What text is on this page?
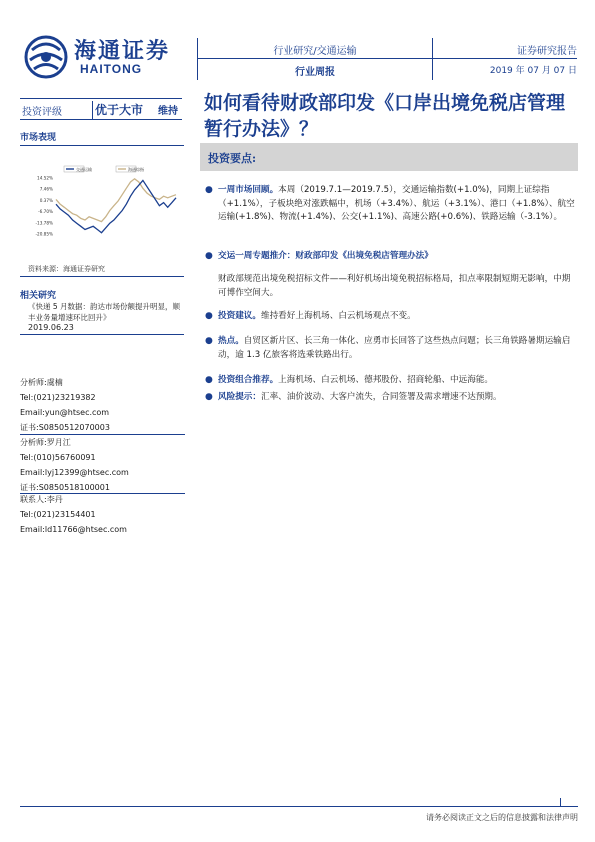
海通证券
HAITONG
行业研究/交通运输
行业周报
证券研究报告
2019 年 07 月 07 日
投资评级	优于大市 维持 如何看待财政部印发《口岸出境免税店管理暂行办法》？
市场表现
交通运输	海通综指
14.52%
7.46%
0.37%
-6.70%
-13.78%
-20.85%
资料来源：海通证券研究
相关研究
《快递 5 月数据：韵达市场份额提升明显，顺丰业务量增速环比回升》
2019.06.23
分析师:虞楠
Tel:(021)23219382
Email:yun@htsec.com
证书:S0850512070003
分析师:罗月江
Tel:(010)56760091
Email:lyj12399@htsec.com
证书:S0850518100001
联系人:李丹
Tel:(021)23154401
Email:ld11766@htsec.com
投资要点:
● 一周市场回顾。本周（2019.7.1—2019.7.5），交通运输指数(+1.0%)，同期上证综指（+1.1%），子板块绝对涨跌幅中，机场（+3.4%）、航运（+3.1%）、港口（+1.8%）、航空运输(+1.8%)、物流(+1.4%)、公交(+1.1%)、高速公路(+0.6%)、铁路运输（-3.1%）。
● 交运一周专题推介：财政部印发《出境免税店管理办法》
财政部规范出境免税招标文件——利好机场出境免税招标格局，扣点率限制短期无影响，中期可博作空间大。
● 投资建议。维持看好上海机场、白云机场观点不变。
● 热点。自贸区新片区、长三角一体化、应勇市长回答了这些热点问题；长三角铁路暑期运输启动，逾 1.3 亿旅客将选乘铁路出行。
● 投资组合推荐。上海机场、白云机场、德邦股份、招商轮船、中远海能。
● 风险提示：汇率、油价波动、大客户流失，合同签署及需求增速不达预期。
请务必阅读正文之后的信息披露和法律声明
